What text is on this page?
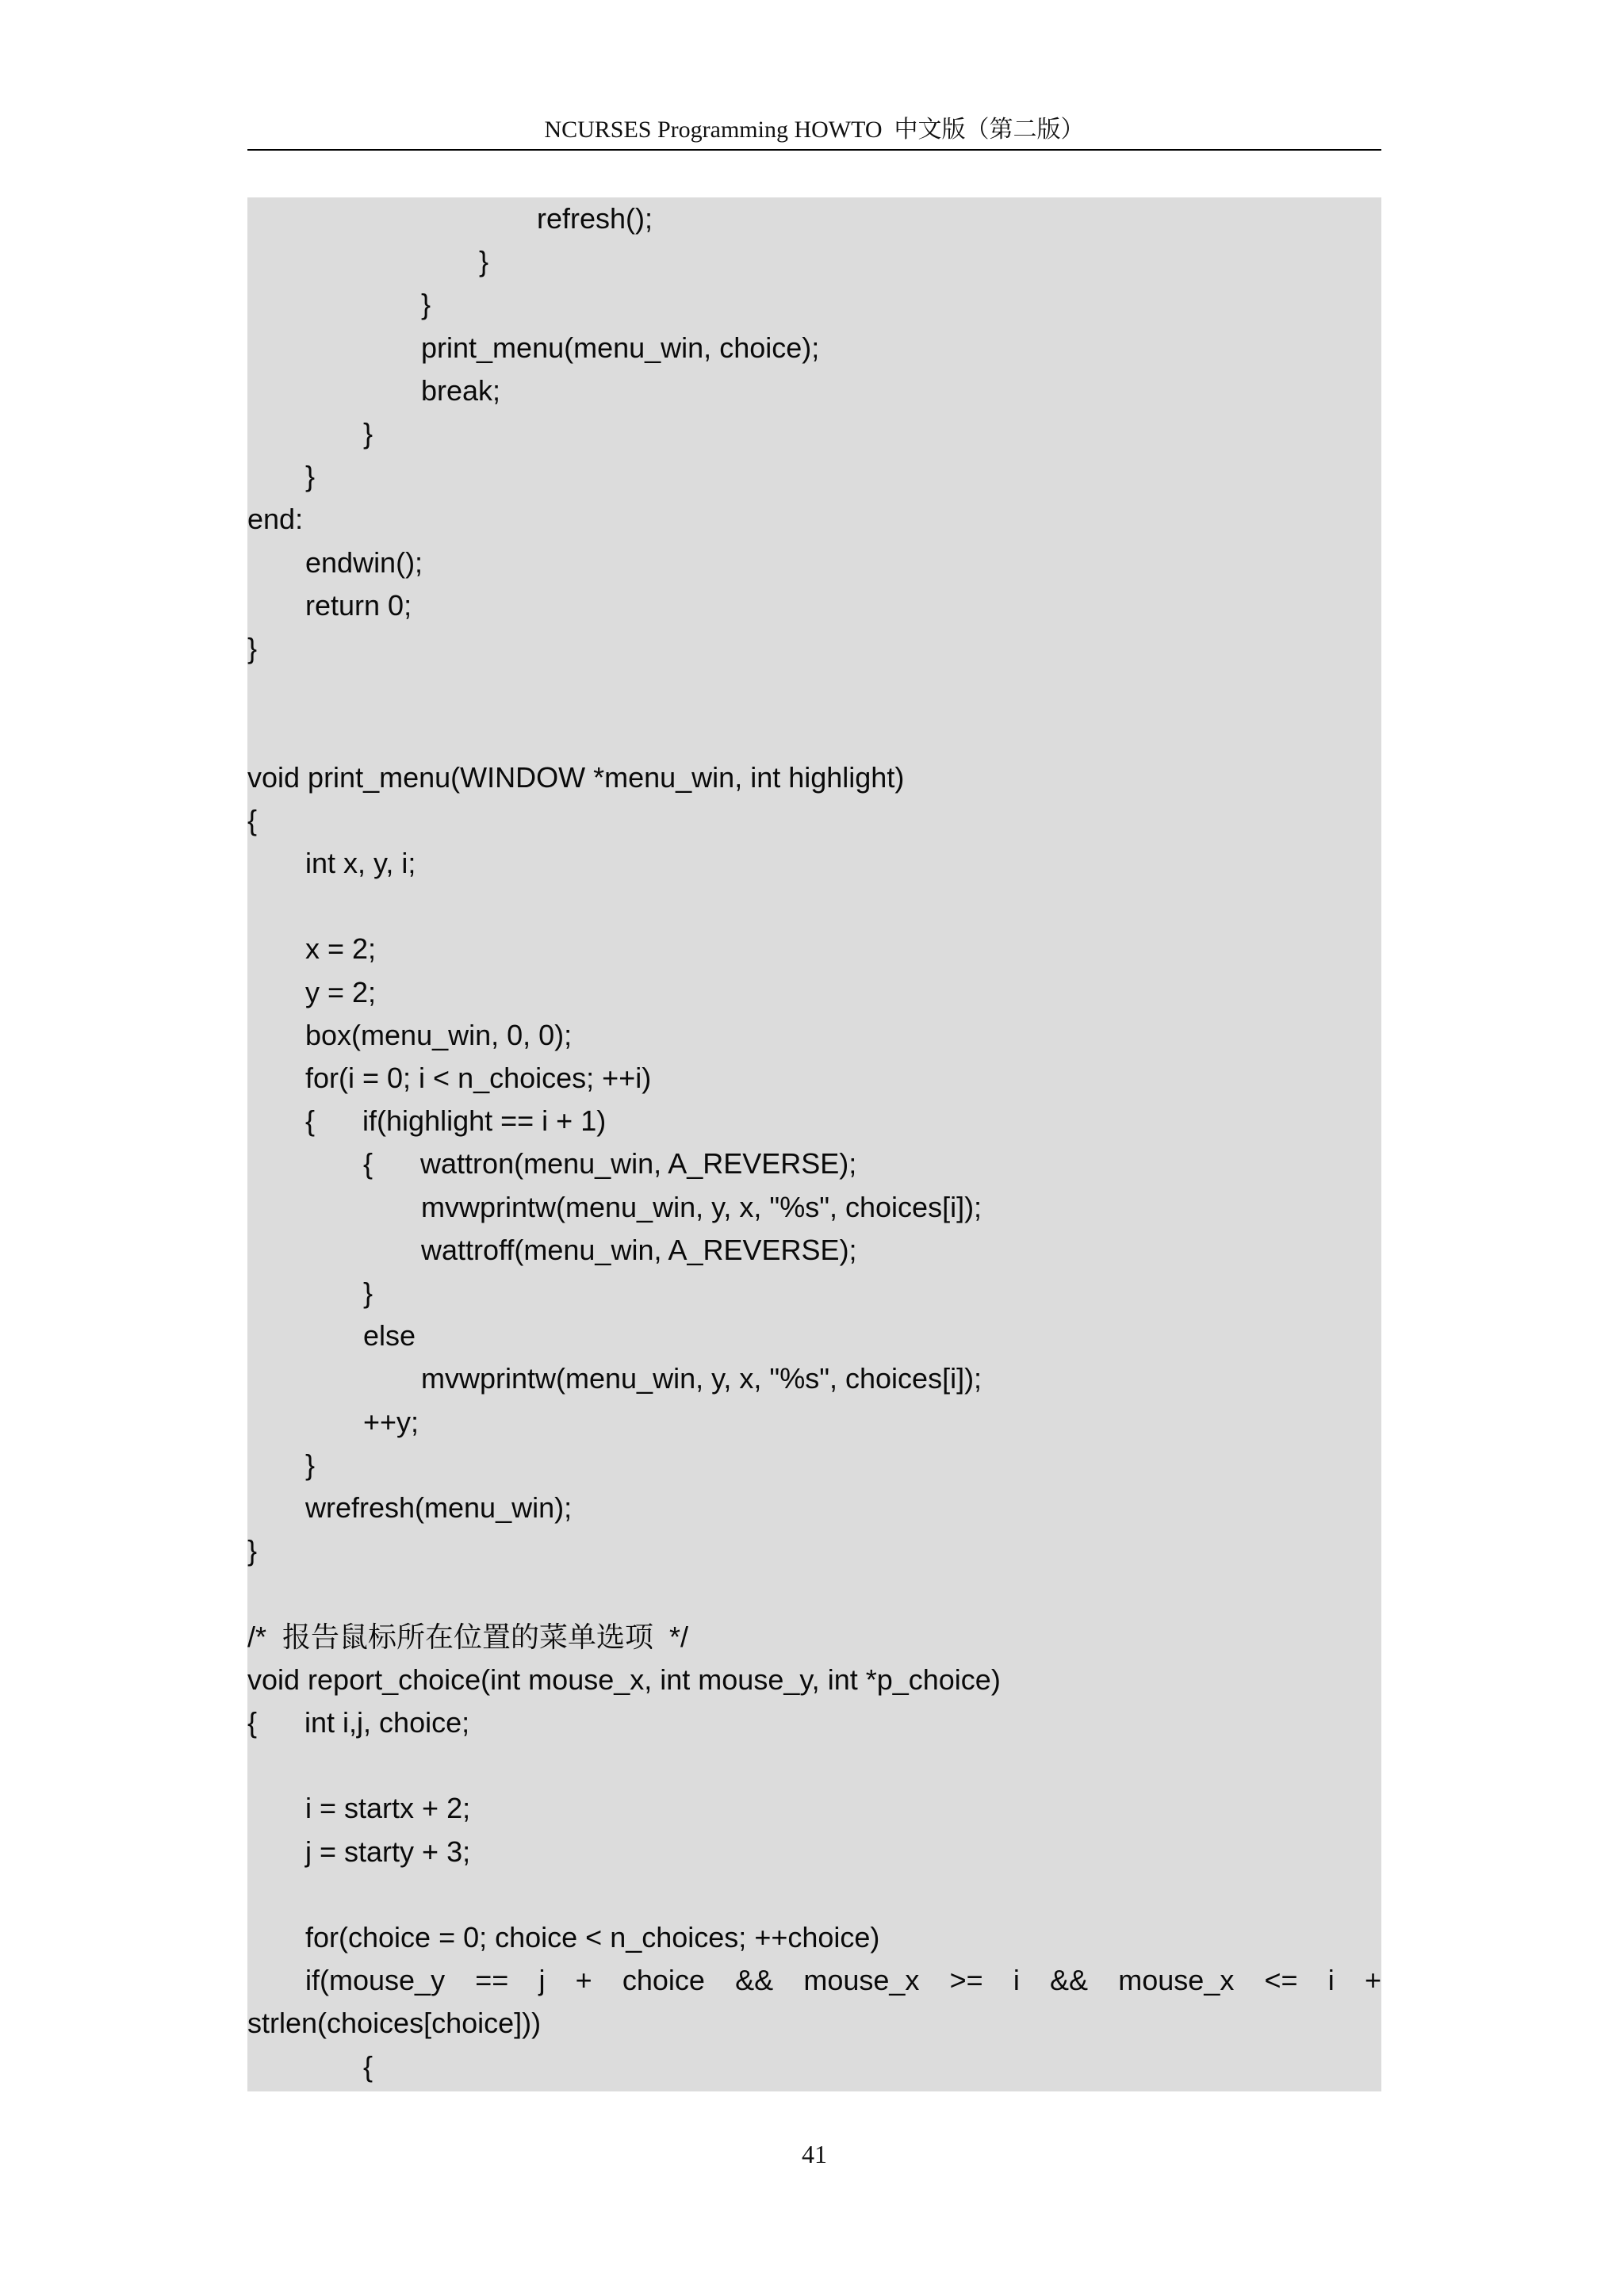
NCURSES Programming HOWTO  中文版（第二版）
refresh();
}
}
print_menu(menu_win, choice);
break;
}
}
end:
endwin();
return 0;
}
void print_menu(WINDOW *menu_win, int highlight)
{
int x, y, i;
x = 2;
y = 2;
box(menu_win, 0, 0);
for(i = 0; i < n_choices; ++i)
{      if(highlight == i + 1)
{      wattron(menu_win, A_REVERSE);
mvwprintw(menu_win, y, x, "%s", choices[i]);
wattroff(menu_win, A_REVERSE);
}
else
mvwprintw(menu_win, y, x, "%s", choices[i]);
++y;
}
wrefresh(menu_win);
}
/*  报告鼠标所在位置的菜单选项  */
void report_choice(int mouse_x, int mouse_y, int *p_choice)
{      int i,j, choice;
i = startx + 2;
j = starty + 3;
for(choice = 0; choice < n_choices; ++choice)
if(mouse_y == j + choice && mouse_x >= i && mouse_x <= i +
strlen(choices[choice]))
{
41
